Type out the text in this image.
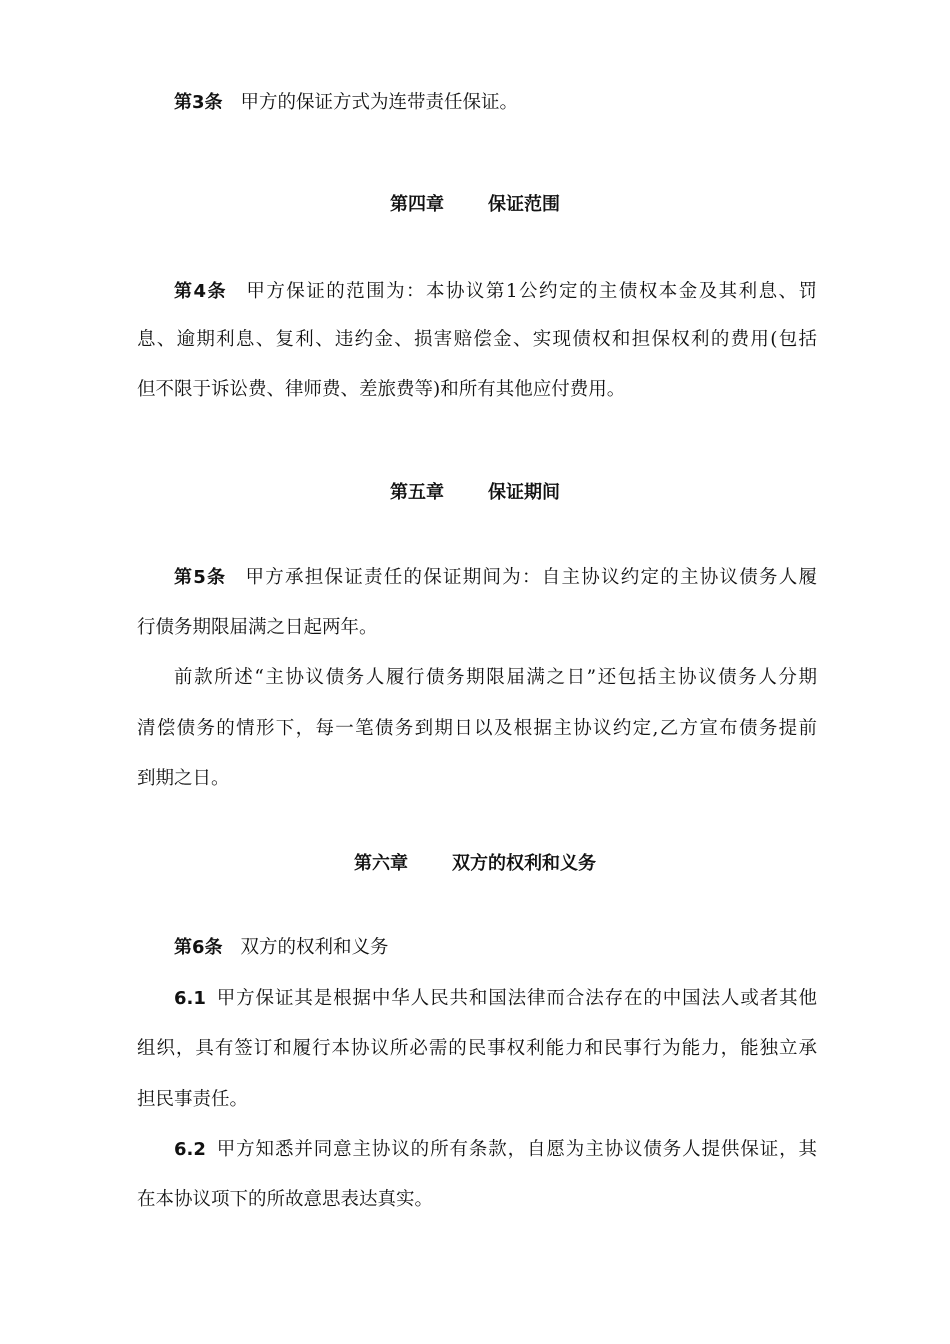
第3条 甲方的保证方式为连带责任保证。
第四章 保证范围
第4条 甲方保证的范围为：本协议第1公约定的主债权本金及其利息、罚
息、逾期利息、复利、违约金、损害赔偿金、实现债权和担保权利的费用(包括
但不限于诉讼费、律师费、差旅费等)和所有其他应付费用。
第五章 保证期间
第5条 甲方承担保证责任的保证期间为：自主协议约定的主协议债务人履
行债务期限届满之日起两年。
前款所述“主协议债务人履行债务期限届满之日”还包括主协议债务人分期
清偿债务的情形下，每一笔债务到期日以及根据主协议约定,乙方宣布债务提前
到期之日。
第六章 双方的权利和义务
第6条 双方的权利和义务
6.1 甲方保证其是根据中华人民共和国法律而合法存在的中国法人或者其他
组织，具有签订和履行本协议所必需的民事权利能力和民事行为能力，能独立承
担民事责任。
6.2 甲方知悉并同意主协议的所有条款，自愿为主协议债务人提供保证，其
在本协议项下的所故意思表达真实。
